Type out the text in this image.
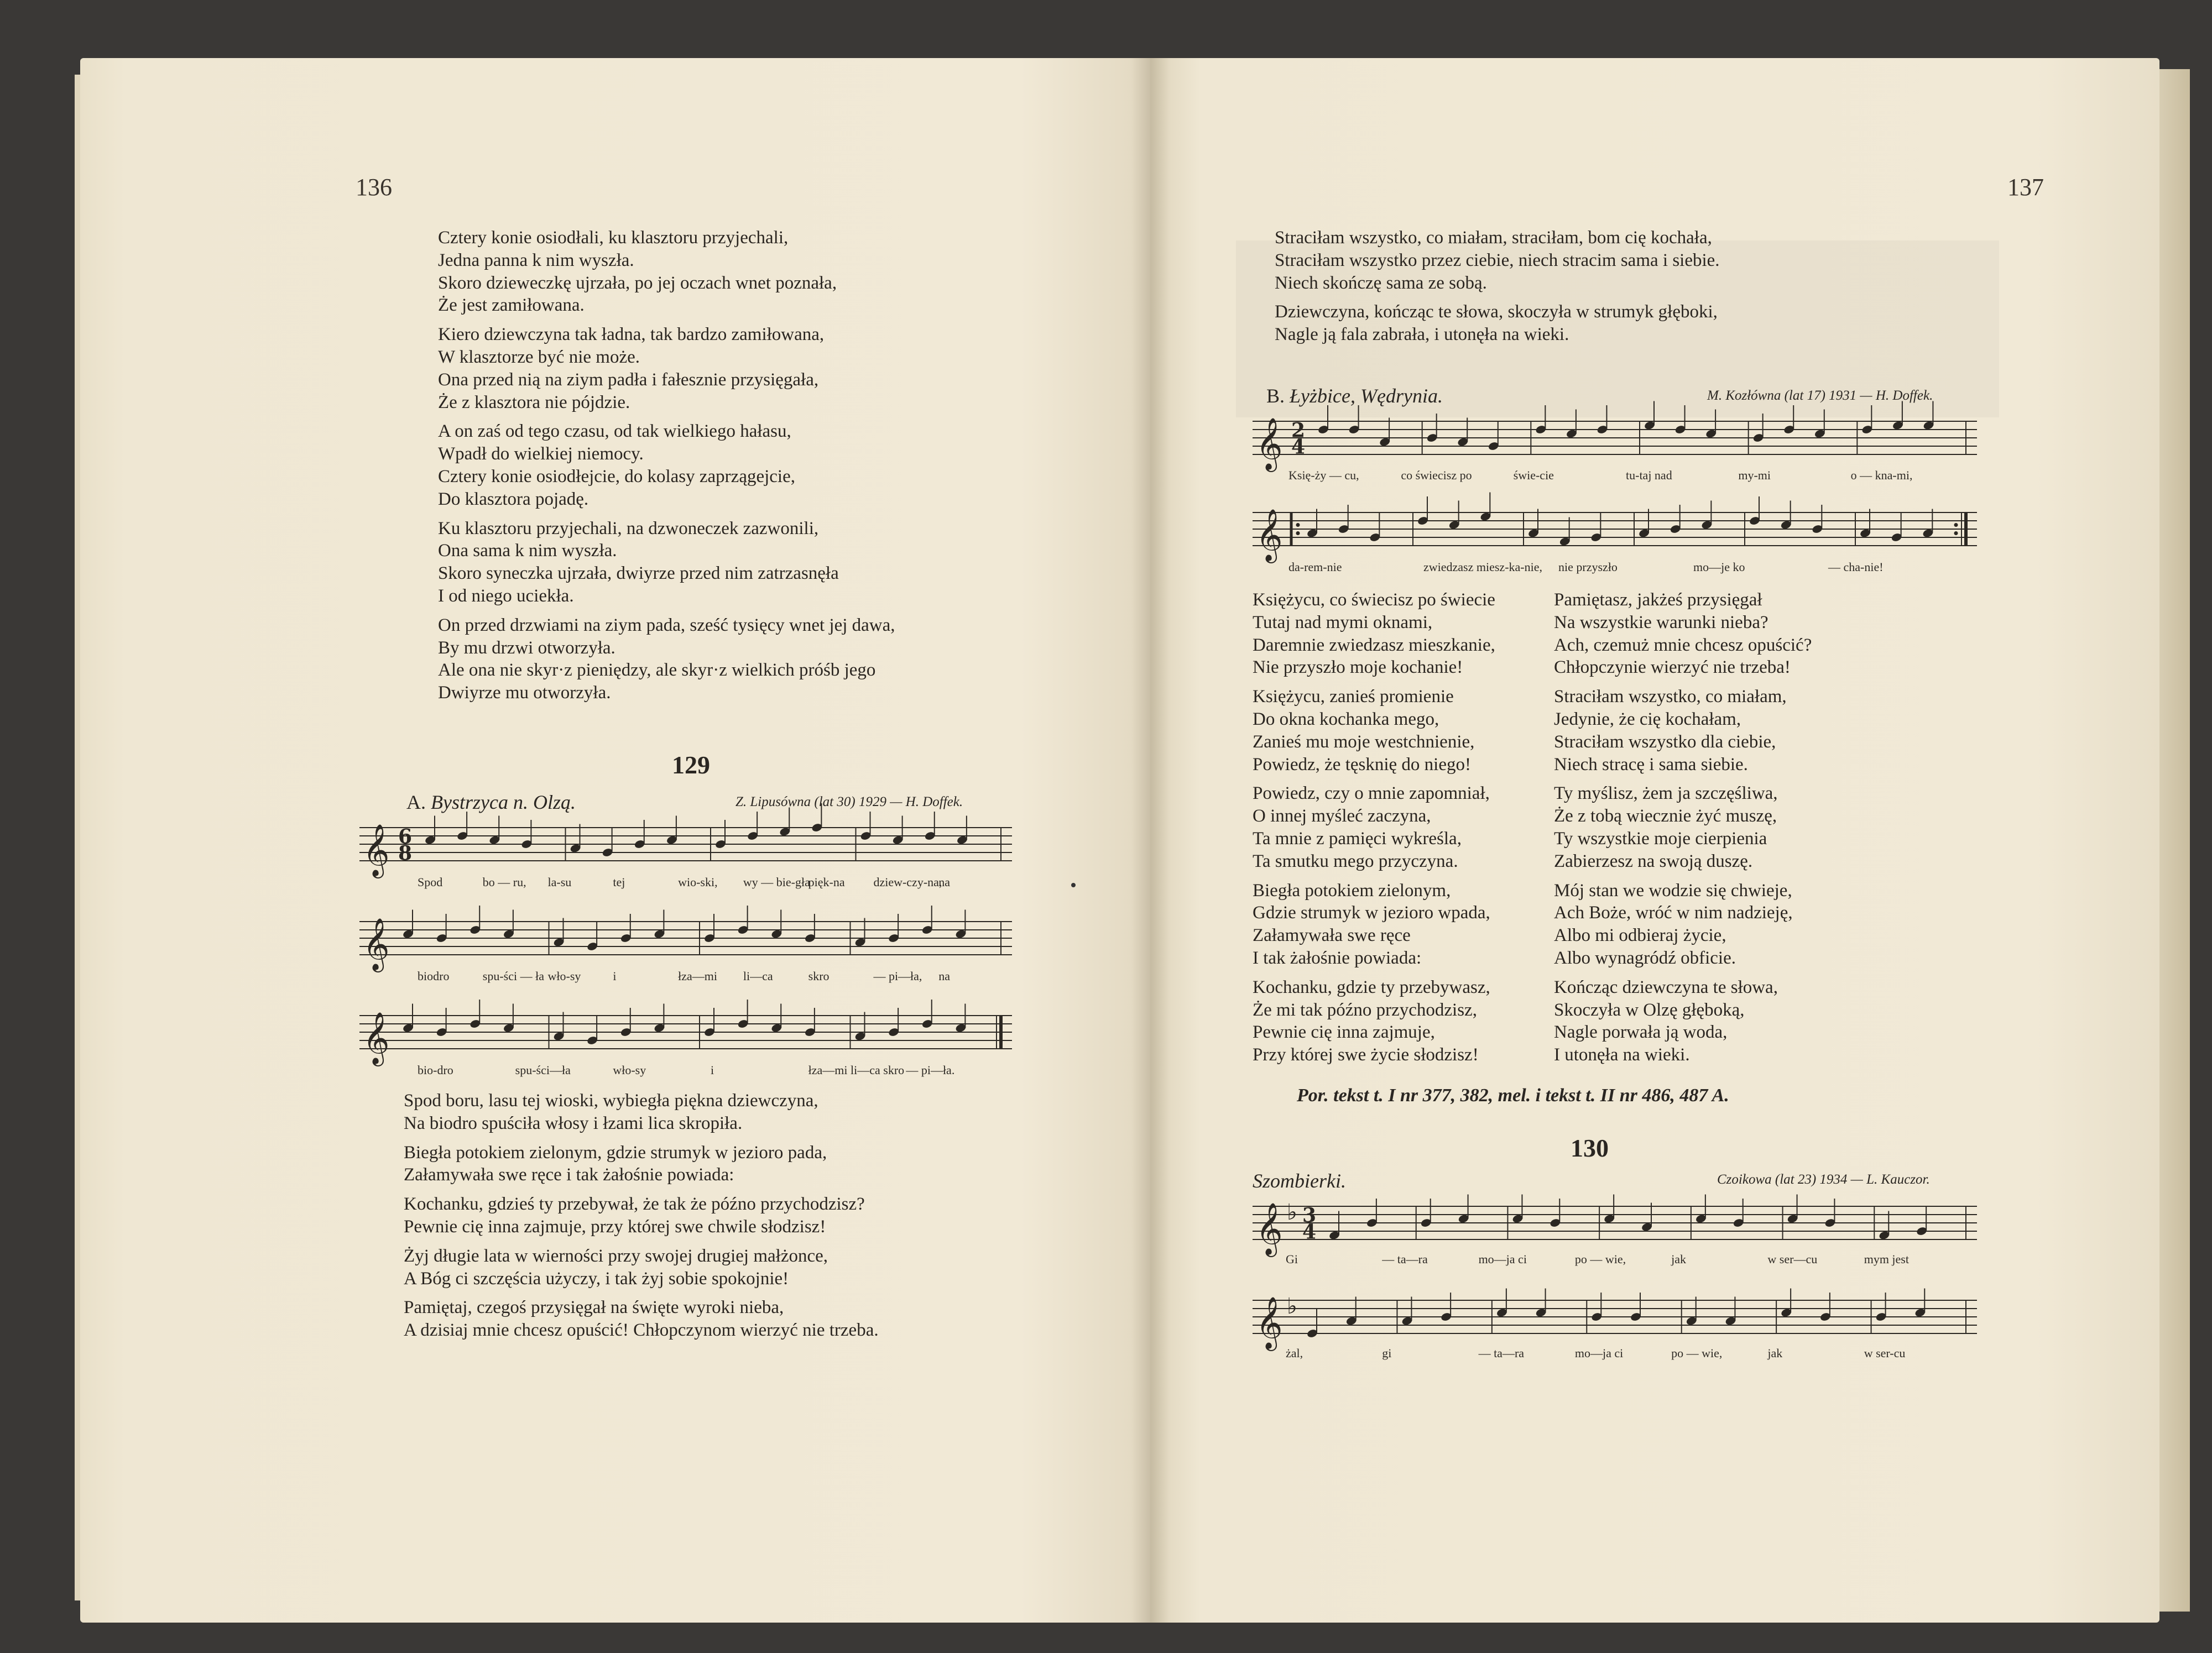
136
Cztery konie osiodłali, ku klasztoru przyjechali,
Jedna panna k nim wyszła.
Skoro dzieweczkę ujrzała, po jej oczach wnet poznała,
Że jest zamiłowana.
Kiero dziewczyna tak ładna, tak bardzo zamiłowana,
W klasztorze być nie może.
Ona przed nią na ziym padła i fałesznie przysięgała,
Że z klasztora nie pójdzie.
A on zaś od tego czasu, od tak wielkiego hałasu,
Wpadł do wielkiej niemocy.
Cztery konie osiodłejcie, do kolasy zaprzągejcie,
Do klasztora pojadę.
Ku klasztoru przyjechali, na dzwoneczek zazwonili,
Ona sama k nim wyszła.
Skoro syneczka ujrzała, dwiyrze przed nim zatrzasnęła
I od niego uciekła.
On przed drzwiami na ziym pada, sześć tysięcy wnet jej dawa,
By mu drzwi otworzyła.
Ale ona nie skyr·z pieniędzy, ale skyr·z wielkich próśb jego
Dwiyrze mu otworzyła.
129
A. Bystrzyca n. Olzą.	Z. Lipusówna (lat 30) 1929 — H. Doffek.
𝄞 6
8
Spod	bo — ru, la-su	tej	wio-ski, wy — bie-gła
pięk-na dziew-czy-na,
na
𝄞
biodro	spu-ści — ła wło-sy	i	łza—mi li—ca	skro	— pi—ła, na
𝄞
bio-dro	spu-ści—ła	wło-sy	i	łza—mi li—ca skro — pi—ła.
Spod boru, lasu tej wioski, wybiegła piękna dziewczyna,
Na biodro spuściła włosy i łzami lica skropiła.
Biegła potokiem zielonym, gdzie strumyk w jezioro pada,
Załamywała swe ręce i tak żałośnie powiada:
Kochanku, gdzieś ty przebywał, że tak że późno przychodzisz?
Pewnie cię inna zajmuje, przy której swe chwile słodzisz!
Żyj długie lata w wierności przy swojej drugiej małżonce,
A Bóg ci szczęścia użyczy, i tak żyj sobie spokojnie!
Pamiętaj, czegoś przysięgał na święte wyroki nieba,
A dzisiaj mnie chcesz opuścić! Chłopczynom wierzyć nie trzeba.
137
Straciłam wszystko, co miałam, straciłam, bom cię kochała,
Straciłam wszystko przez ciebie, niech stracim sama i siebie.
Niech skończę sama ze sobą.
Dziewczyna, kończąc te słowa, skoczyła w strumyk głęboki,
Nagle ją fala zabrała, i utonęła na wieki.
B. Łyżbice, Wędrynia.	M. Kozłówna (lat 17) 1931 — H. Doffek.
𝄞 2
4
Księ-ży — cu,	co świecisz po	świe-cie	tu-taj nad	my-mi	o — kna-mi,
𝄞
da-rem-nie	zwiedzasz miesz-ka-nie, nie przyszło	mo—je ko	— cha-nie!
Księżycu, co świecisz po świecie
Tutaj nad mymi oknami,
Daremnie zwiedzasz mieszkanie,
Nie przyszło moje kochanie!
Księżycu, zanieś promienie
Do okna kochanka mego,
Zanieś mu moje westchnienie,
Powiedz, że tęsknię do niego!
Powiedz, czy o mnie zapomniał,
O innej myśleć zaczyna,
Ta mnie z pamięci wykreśla,
Ta smutku mego przyczyna.
Biegła potokiem zielonym,
Gdzie strumyk w jezioro wpada,
Załamywała swe ręce
I tak żałośnie powiada:
Kochanku, gdzie ty przebywasz,
Że mi tak późno przychodzisz,
Pewnie cię inna zajmuje,
Przy której swe życie słodzisz!
Pamiętasz, jakżeś przysięgał
Na wszystkie warunki nieba?
Ach, czemuż mnie chcesz opuścić?
Chłopczynie wierzyć nie trzeba!
Straciłam wszystko, co miałam,
Jedynie, że cię kochałam,
Straciłam wszystko dla ciebie,
Niech stracę i sama siebie.
Ty myślisz, żem ja szczęśliwa,
Że z tobą wiecznie żyć muszę,
Ty wszystkie moje cierpienia
Zabierzesz na swoją duszę.
Mój stan we wodzie się chwieje,
Ach Boże, wróć w nim nadzieję,
Albo mi odbieraj życie,
Albo wynagródź obficie.
Kończąc dziewczyna te słowa,
Skoczyła w Olzę głęboką,
Nagle porwała ją woda,
I utonęła na wieki.
Por. tekst t. I nr 377, 382, mel. i tekst t. II nr 486, 487 A.
130
Szombierki.	Czoikowa (lat 23) 1934 — L. Kauczor.
𝄞 ♭ 3
4
Gi	— ta—ra	mo—ja ci	po — wie,	jak	w ser—cu	mym jest
𝄞 ♭
żal,	gi	— ta—ra	mo—ja ci	po — wie,	jak	w ser-cu
